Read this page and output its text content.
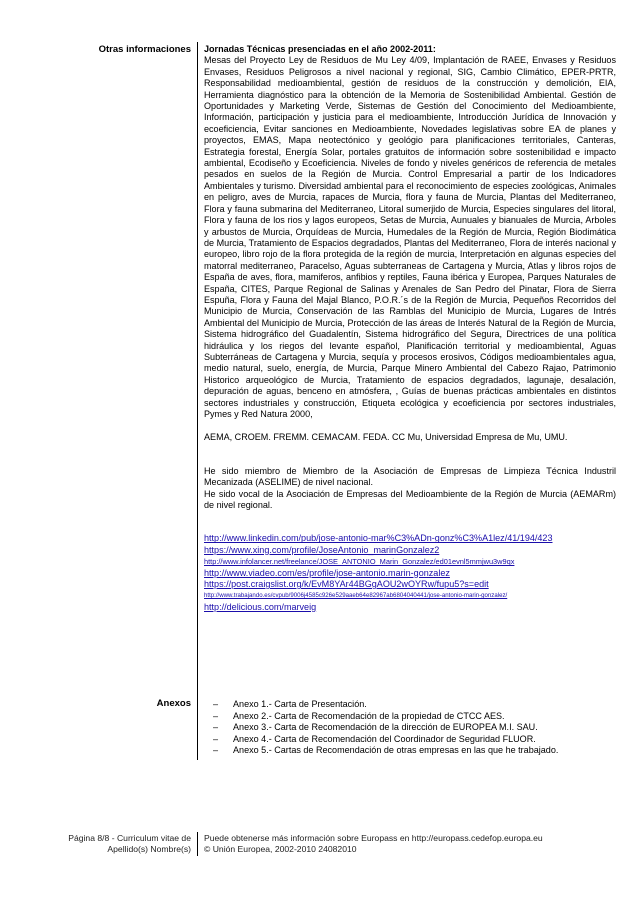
Otras informaciones Jornadas Técnicas presenciadas en el año 2002-2011:

Mesas del Proyecto Ley de Residuos de Mu Ley 4/09, Implantación de RAEE, Envases y Residuos Envases, Residuos Peligrosos a nivel nacional y regional, SIG, Cambio Climático, EPER-PRTR, Responsabilidad medioambiental, gestión de residuos de la construcción y demolición, EIA, Herramienta diagnóstico para la obtención de la Memoria de Sostenibilidad Ambiental. Gestión de Oportunidades y Marketing Verde, Sistemas de Gestión del Conocimiento del Medioambiente, Información, participación y justicia para el medioambiente, Introducción Jurídica de Innovación y ecoeficiencia, Evitar sanciones en Medioambiente, Novedades legislativas sobre EA de planes y proyectos, EMAS, Mapa neotectónico y geológio para planificaciones territoriales, Canteras, Estrategia forestal, Energía Solar, portales gratuitos de información sobre sostenibilidad e impacto ambiental, Ecodiseño y Ecoeficiencia. Niveles de fondo y niveles genéricos de referencia de metales pesados en suelos de la Región de Murcia. Control Empresarial a partir de los Indicadores Ambientales y turismo. Diversidad ambiental para el reconocimiento de especies zoológicas, Animales en peligro, aves de Murcia, rapaces de Murcia, flora y fauna de Murcia, Plantas del Mediterraneo, Flora y fauna submarina del Mediterraneo, Litoral sumerjido de Murcia, Especies singulares del litoral, Flora y fauna de los rios y lagos europeos, Setas de Murcia, Aunuales y bianuales de Murcia, Arboles y arbustos de Murcia, Orquídeas de Murcia, Humedales de la Región de Murcia, Región Biodimática de Murcia, Tratamiento de Espacios degradados, Plantas del Mediterraneo, Flora de interés nacional y europeo, libro rojo de la flora protegida de la región de murcia, Interpretación en algunas especies del matorral mediterraneo, Paracelso, Aguas subterraneas de Cartagena y Murcia, Atlas y libros rojos de España de aves, flora, mamiferos, anfibios y reptiles, Fauna ibérica y Europea, Parques Naturales de España, CITES, Parque Regional de Salinas y Arenales de San Pedro del Pinatar, Flora de Sierra Espuña, Flora y Fauna del Majal Blanco, P.O.R.´s de la Región de Murcia, Pequeños Recorridos del Municipio de Murcia, Conservación de las Ramblas del Municipio de Murcia, Lugares de Intrés Ambiental del Municipio de Murcia, Protección de las áreas de Interés Natural de la Región de Murcia, Sistema hidrográfico del Guadalentín, Sistema hidrográfico del Segura, Directrices de una política hidráulica y los riegos del levante español, Planificación territorial y medioambiental, Aguas Subterráneas de Cartagena y Murcia, sequía y procesos erosivos, Códigos medioambientales agua, medio natural, suelo, energía, de Murcia, Parque Minero Ambiental del Cabezo Rajao, Patrimonio Historico arqueológico de Murcia, Tratamiento de espacios degradados, lagunaje, desalación, depuración de aguas, benceno en atmósfera, , Guías de buenas prácticas ambientales en distintos sectores industriales y construcción, Etiqueta ecológica y ecoeficiencia por sectores industriales, Pymes y Red Natura 2000,

AEMA, CROEM. FREMM. CEMACAM. FEDA. CC Mu, Universidad Empresa de Mu, UMU.

He sido miembro de Miembro de la Asociación de Empresas de Limpieza Técnica Industril Mecanizada (ASELIME) de nivel nacional.

He sido vocal de la Asociación de Empresas del Medioambiente de la Región de Murcia (AEMARm) de nivel regional.

http://www.linkedin.com/pub/jose-antonio-mar%C3%ADn-gonz%C3%A1lez/41/194/423
https://www.xing.com/profile/JoseAntonio_marinGonzalez2
http://www.infolancer.net/freelance/JOSE_ANTONIO_Marin_Gonzalez/ed01evnl5mmjwu3w9qx
http://www.viadeo.com/es/profile/jose-antonio.marin-gonzalez
https://post.craigslist.org/k/EvM8YAr44BGgAOU2wOYRw/fupu5?s=edit
http://www.trabajando.es/cvpub/9006j4585c926e529aaeb64e82967ab6804040441/jose-antonio-marin-gonzalez/
http://delicious.com/marveig
Anexos
–	Anexo 1.- Carta de Presentación.
– Anexo 2.- Carta de Recomendación de la propiedad de CTCC AES.
– Anexo 3.- Carta de Recomendación de la dirección de EUROPEA M.I. SAU.
– Anexo 4.- Carta de Recomendación del Coordinador de Seguridad FLUOR.
– Anexo 5.- Cartas de Recomendación de otras empresas en las que he trabajado.
Página 8/8 - Curriculum vitae de
Apellido(s) Nombre(s)
Puede obtenerse más información sobre Europass en http://europass.cedefop.europa.eu
© Unión Europea, 2002-2010 24082010
